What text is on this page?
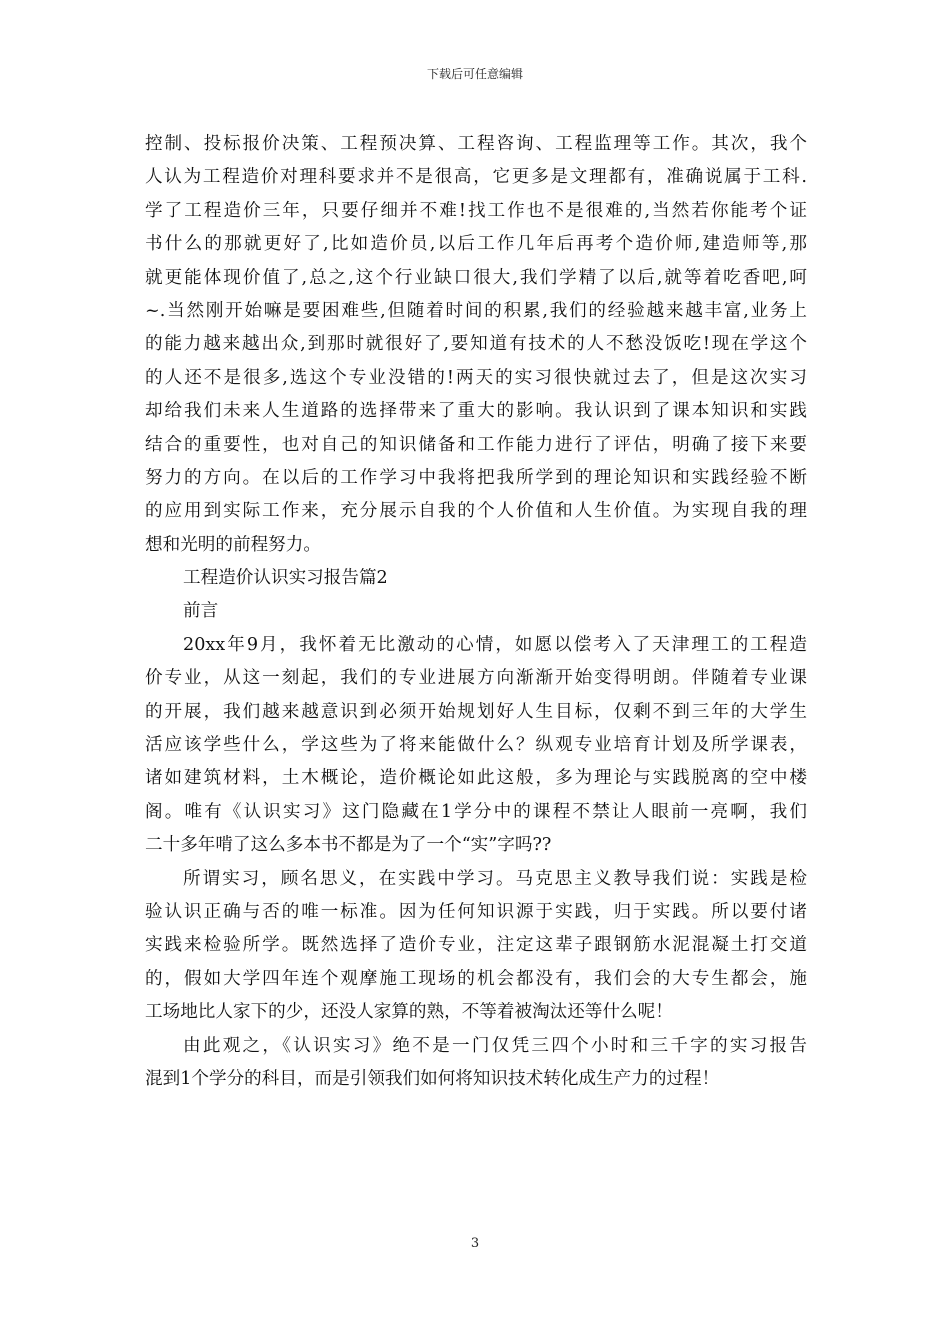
下载后可任意编辑
控制、投标报价决策、工程预决算、工程咨询、工程监理等工作。其次，我个
人认为工程造价对理科要求并不是很高，它更多是文理都有，准确说属于工科.
学了工程造价三年，只要仔细并不难!找工作也不是很难的,当然若你能考个证
书什么的那就更好了,比如造价员,以后工作几年后再考个造价师,建造师等,那
就更能体现价值了,总之,这个行业缺口很大,我们学精了以后,就等着吃香吧,呵
~.当然刚开始嘛是要困难些,但随着时间的积累,我们的经验越来越丰富,业务上
的能力越来越出众,到那时就很好了,要知道有技术的人不愁没饭吃!现在学这个
的人还不是很多,选这个专业没错的!两天的实习很快就过去了，但是这次实习
却给我们未来人生道路的选择带来了重大的影响。我认识到了课本知识和实践
结合的重要性，也对自己的知识储备和工作能力进行了评估，明确了接下来要
努力的方向。在以后的工作学习中我将把我所学到的理论知识和实践经验不断
的应用到实际工作来，充分展示自我的个人价值和人生价值。为实现自我的理
想和光明的前程努力。
工程造价认识实习报告篇2
前言
20xx年9月，我怀着无比激动的心情，如愿以偿考入了天津理工的工程造
价专业，从这一刻起，我们的专业进展方向渐渐开始变得明朗。伴随着专业课
的开展，我们越来越意识到必须开始规划好人生目标，仅剩不到三年的大学生
活应该学些什么，学这些为了将来能做什么？纵观专业培育计划及所学课表，
诸如建筑材料，土木概论，造价概论如此这般，多为理论与实践脱离的空中楼
阁。唯有《认识实习》这门隐藏在1学分中的课程不禁让人眼前一亮啊，我们
二十多年啃了这么多本书不都是为了一个“实”字吗??
所谓实习，顾名思义，在实践中学习。马克思主义教导我们说：实践是检
验认识正确与否的唯一标准。因为任何知识源于实践，归于实践。所以要付诸
实践来检验所学。既然选择了造价专业，注定这辈子跟钢筋水泥混凝土打交道
的，假如大学四年连个观摩施工现场的机会都没有，我们会的大专生都会，施
工场地比人家下的少，还没人家算的熟，不等着被淘汰还等什么呢！
由此观之，《认识实习》绝不是一门仅凭三四个小时和三千字的实习报告
混到1个学分的科目，而是引领我们如何将知识技术转化成生产力的过程！
3
